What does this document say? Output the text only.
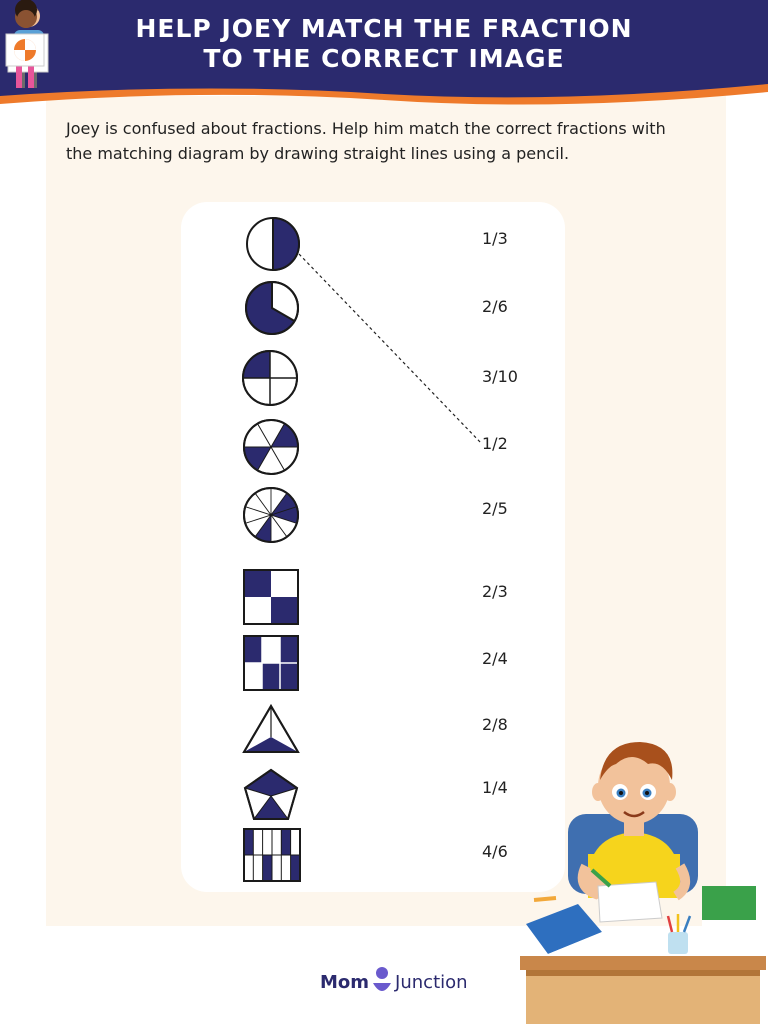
HELP JOEY MATCH THE FRACTION
TO THE CORRECT IMAGE
Joey is confused about fractions. Help him match the correct fractions with the matching diagram by drawing straight lines using a pencil.
1/3
2/6
3/10
1/2
2/5
2/3
2/4
2/8
1/4
4/6
Mom Junction
